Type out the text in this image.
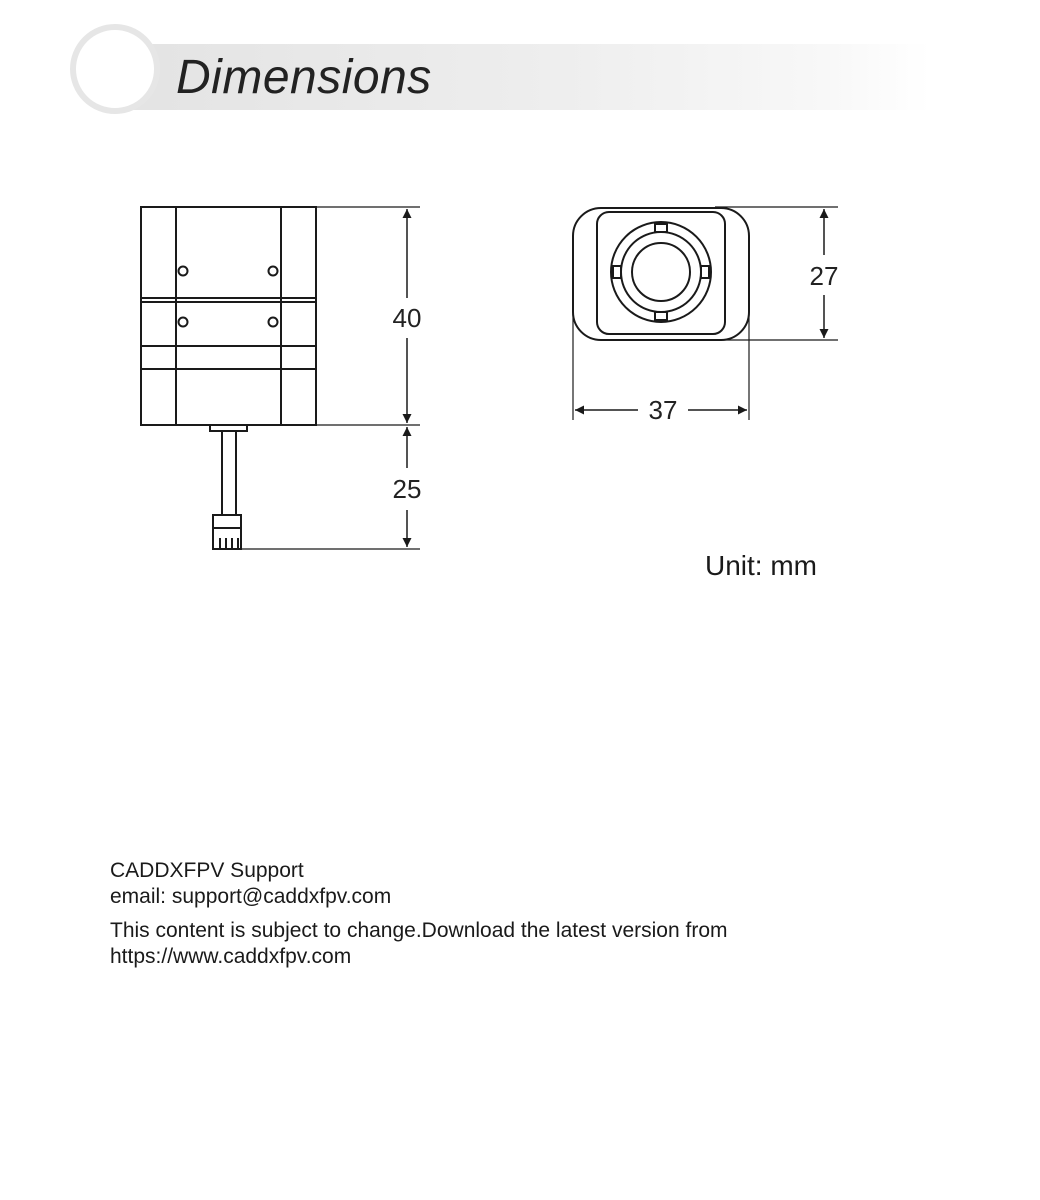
Dimensions
40
25
27
37
Unit: mm
CADDXFPV Support
email: support@caddxfpv.com
This content is subject to change.Download the latest version from
https://www.caddxfpv.com
